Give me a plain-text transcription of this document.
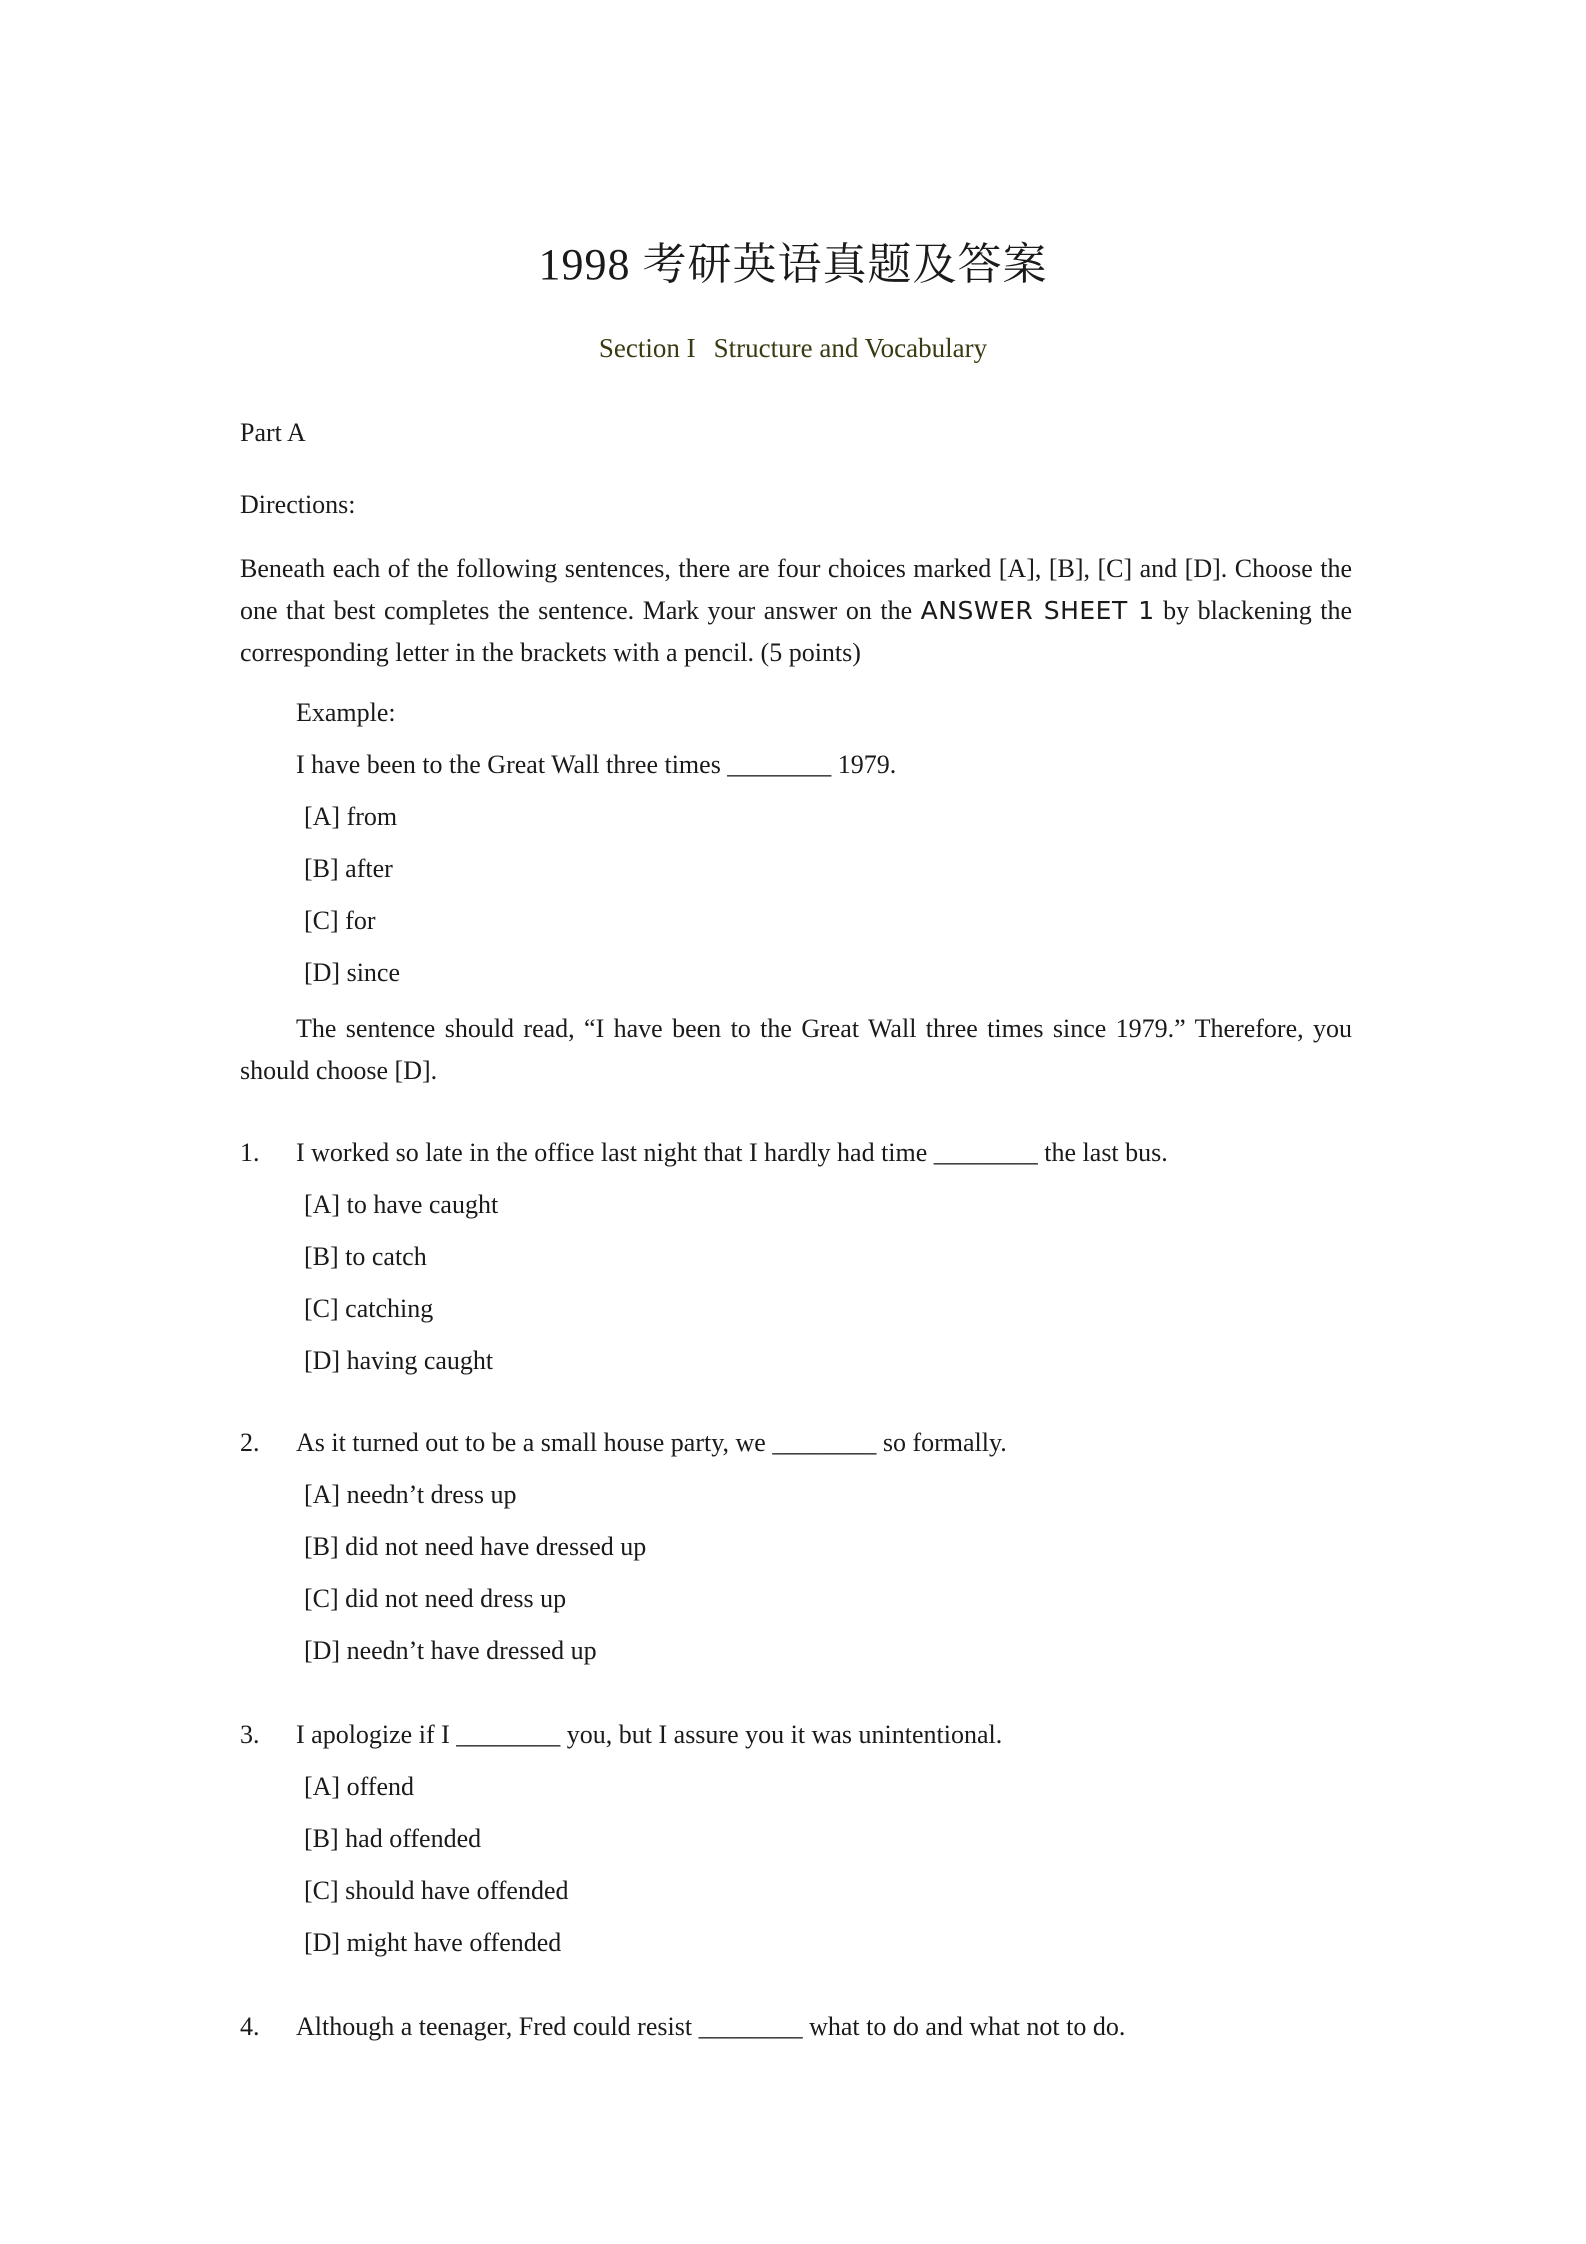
1998 考研英语真题及答案
Section I Structure and Vocabulary
Part A
Directions:
Beneath each of the following sentences, there are four choices marked [A], [B], [C] and [D]. Choose the one that best completes the sentence. Mark your answer on the ANSWER SHEET 1 by blackening the corresponding letter in the brackets with a pencil. (5 points)
Example:
I have been to the Great Wall three times ________ 1979.
[A] from
[B] after
[C] for
[D] since
The sentence should read, “I have been to the Great Wall three times since 1979.” Therefore, you should choose [D].
1. I worked so late in the office last night that I hardly had time ________ the last bus.
[A] to have caught
[B] to catch
[C] catching
[D] having caught
2. As it turned out to be a small house party, we ________ so formally.
[A] needn’t dress up
[B] did not need have dressed up
[C] did not need dress up
[D] needn’t have dressed up
3. I apologize if I ________ you, but I assure you it was unintentional.
[A] offend
[B] had offended
[C] should have offended
[D] might have offended
4. Although a teenager, Fred could resist ________ what to do and what not to do.
